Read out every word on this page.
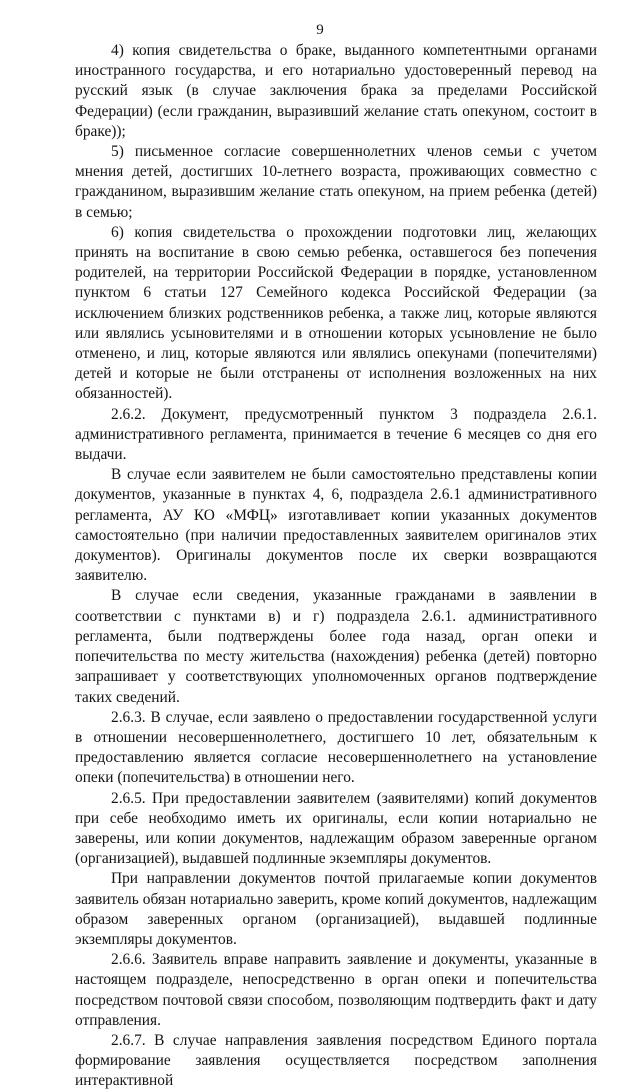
9

4) копия свидетельства о браке, выданного компетентными органами иностранного государства, и его нотариально удостоверенный перевод на русский язык (в случае заключения брака за пределами Российской Федерации) (если гражданин, выразивший желание стать опекуном, состоит в браке));

5) письменное согласие совершеннолетних членов семьи с учетом мнения детей, достигших 10-летнего возраста, проживающих совместно с гражданином, выразившим желание стать опекуном, на прием ребенка (детей) в семью;

6) копия свидетельства о прохождении подготовки лиц, желающих принять на воспитание в свою семью ребенка, оставшегося без попечения родителей, на территории Российской Федерации в порядке, установленном пунктом 6 статьи 127 Семейного кодекса Российской Федерации (за исключением близких родственников ребенка, а также лиц, которые являются или являлись усыновителями и в отношении которых усыновление не было отменено, и лиц, которые являются или являлись опекунами (попечителями) детей и которые не были отстранены от исполнения возложенных на них обязанностей).

2.6.2. Документ, предусмотренный пунктом 3 подраздела 2.6.1. административного регламента, принимается в течение 6 месяцев со дня его выдачи.

В случае если заявителем не были самостоятельно представлены копии документов, указанные в пунктах 4, 6, подраздела 2.6.1 административного регламента, АУ КО «МФЦ» изготавливает копии указанных документов самостоятельно (при наличии предоставленных заявителем оригиналов этих документов). Оригиналы документов после их сверки возвращаются заявителю.

В случае если сведения, указанные гражданами в заявлении в соответствии с пунктами в) и г) подраздела 2.6.1. административного регламента, были подтверждены более года назад, орган опеки и попечительства по месту жительства (нахождения) ребенка (детей) повторно запрашивает у соответствующих уполномоченных органов подтверждение таких сведений.

2.6.3. В случае, если заявлено о предоставлении государственной услуги в отношении несовершеннолетнего, достигшего 10 лет, обязательным к предоставлению является согласие несовершеннолетнего на установление опеки (попечительства) в отношении него.

2.6.5. При предоставлении заявителем (заявителями) копий документов при себе необходимо иметь их оригиналы, если копии нотариально не заверены, или копии документов, надлежащим образом заверенные органом (организацией), выдавшей подлинные экземпляры документов.

При направлении документов почтой прилагаемые копии документов заявитель обязан нотариально заверить, кроме копий документов, надлежащим образом заверенных органом (организацией), выдавшей подлинные экземпляры документов.

2.6.6. Заявитель вправе направить заявление и документы, указанные в настоящем подразделе, непосредственно в орган опеки и попечительства посредством почтовой связи способом, позволяющим подтвердить факт и дату отправления.

2.6.7. В случае направления заявления посредством Единого портала формирование заявления осуществляется посредством заполнения интерактивной
